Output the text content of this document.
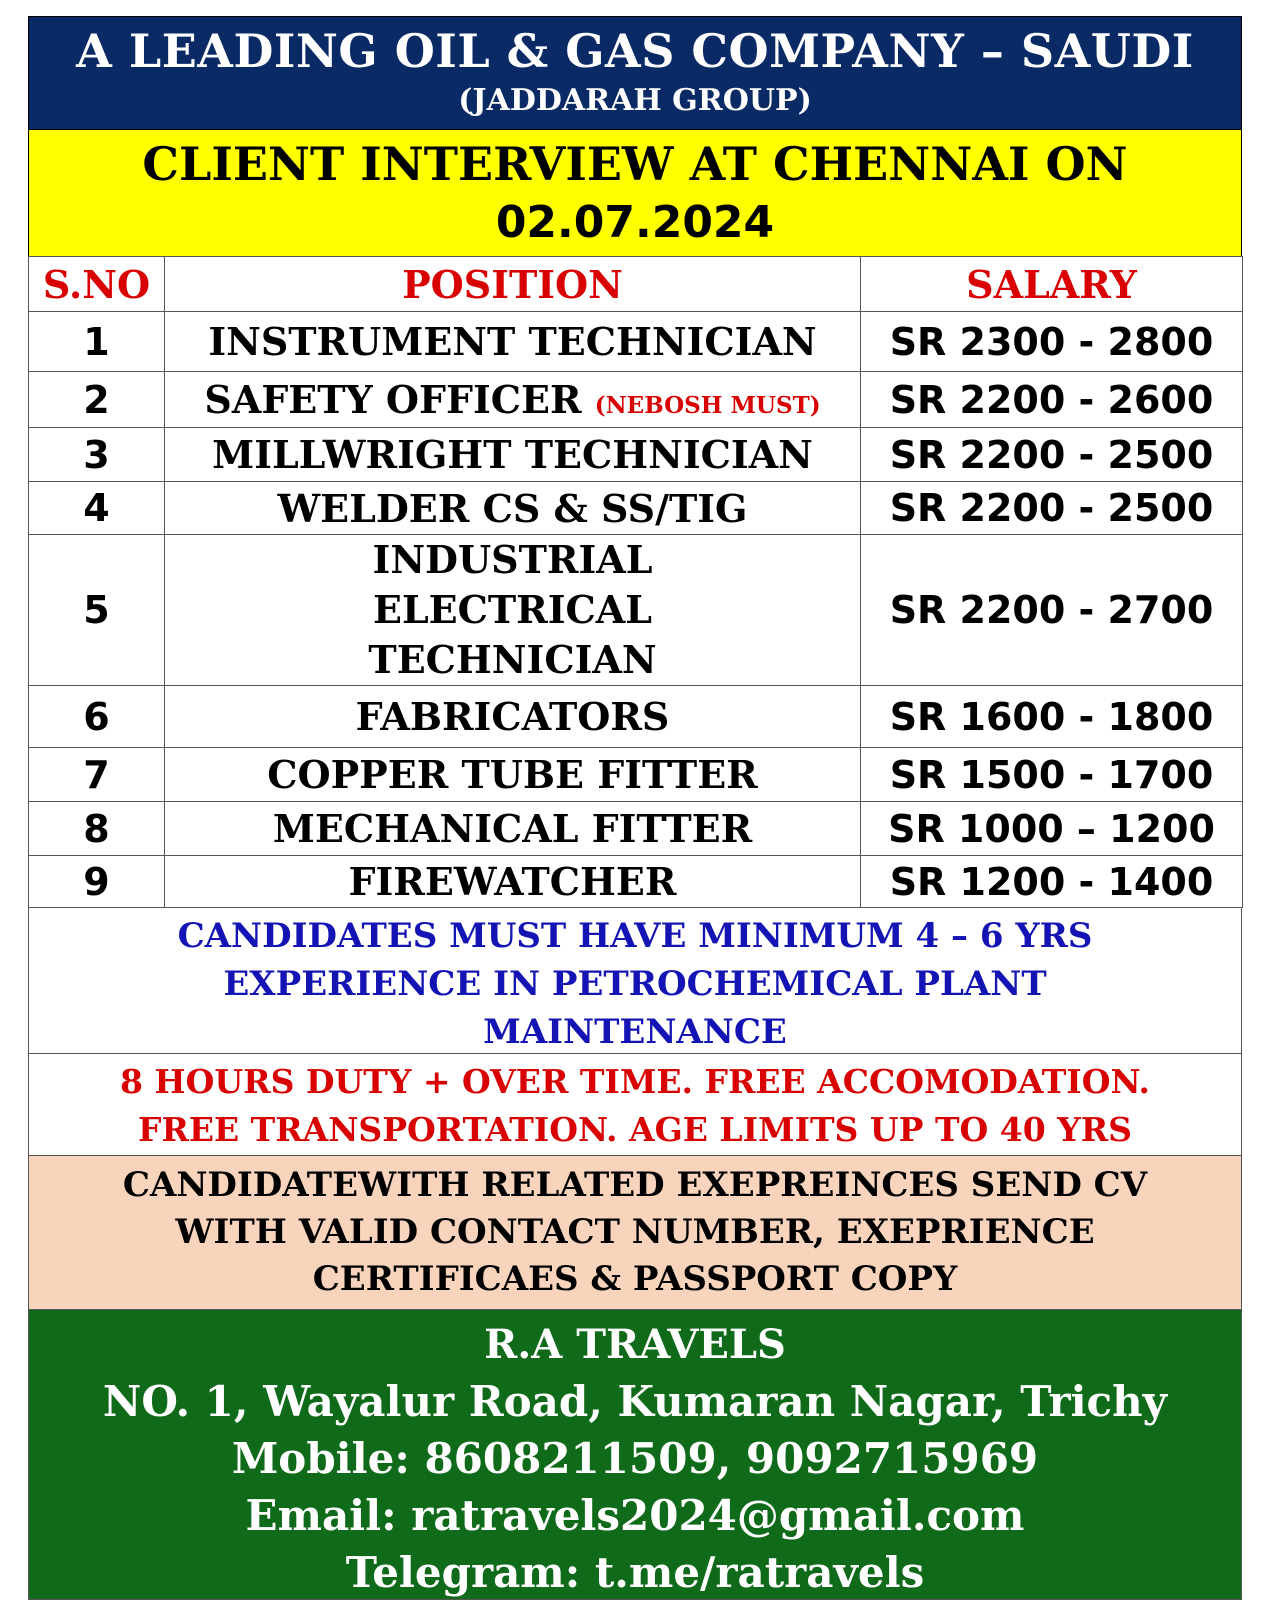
A LEADING OIL & GAS COMPANY – SAUDI
(JADDARAH GROUP)
CLIENT INTERVIEW AT CHENNAI ON
02.07.2024
S.NO	POSITION	SALARY
1	INSTRUMENT TECHNICIAN	SR 2300 - 2800
2	SAFETY OFFICER (NEBOSH MUST)	SR 2200 - 2600
3	MILLWRIGHT TECHNICIAN	SR 2200 - 2500
4	WELDER CS & SS/TIG	SR 2200 - 2500
5	INDUSTRIAL ELECTRICAL TECHNICIAN	SR 2200 - 2700
6	FABRICATORS	SR 1600 - 1800
7	COPPER TUBE FITTER	SR 1500 - 1700
8	MECHANICAL FITTER	SR 1000 – 1200
9	FIREWATCHER	SR 1200 - 1400
CANDIDATES MUST HAVE MINIMUM 4 – 6 YRS
EXPERIENCE IN PETROCHEMICAL PLANT
MAINTENANCE
8 HOURS DUTY + OVER TIME. FREE ACCOMODATION.
FREE TRANSPORTATION. AGE LIMITS UP TO 40 YRS
CANDIDATEWITH RELATED EXEPREINCES SEND CV
WITH VALID CONTACT NUMBER, EXEPRIENCE
CERTIFICAES & PASSPORT COPY
R.A TRAVELS
NO. 1, Wayalur Road, Kumaran Nagar, Trichy
Mobile: 8608211509, 9092715969
Email: ratravels2024@gmail.com
Telegram: t.me/ratravels
